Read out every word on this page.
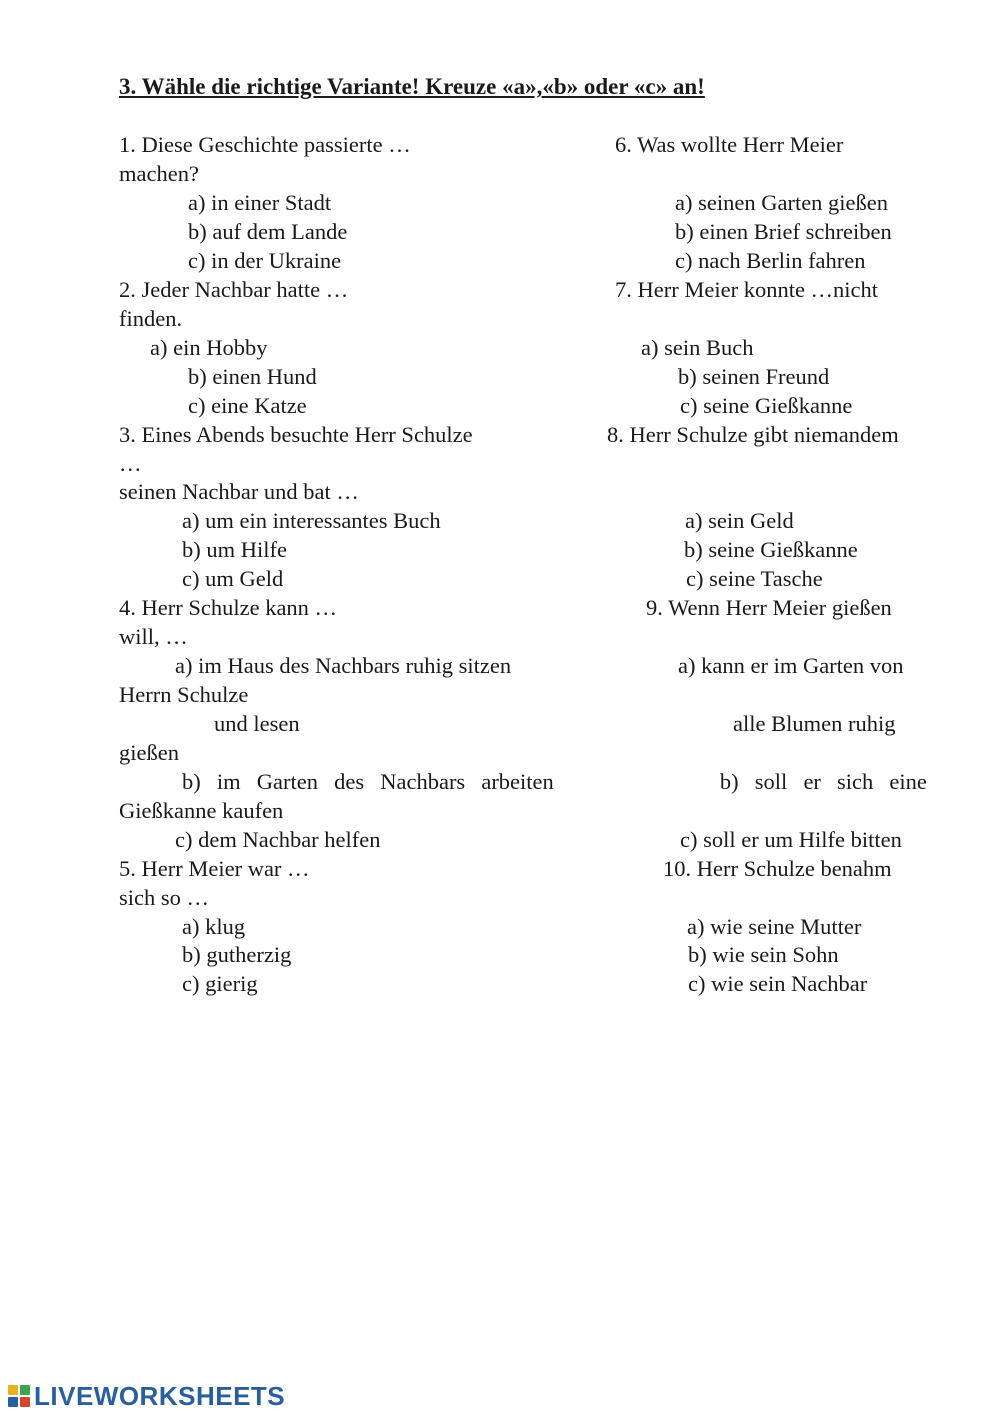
3. Wähle die richtige Variante! Kreuze «a»,«b» oder «c» an!
1. Diese Geschichte passierte …	6. Was wollte Herr Meier
machen?
a) in einer Stadt	a) seinen Garten gießen
b) auf dem Lande	b) einen Brief schreiben
c) in der Ukraine	c) nach Berlin fahren
2. Jeder Nachbar hatte …	7. Herr Meier konnte …nicht
finden.
a) ein Hobby	a) sein Buch
b) einen Hund	b) seinen Freund
c) eine Katze	c) seine Gießkanne
3. Eines Abends besuchte Herr Schulze	8. Herr Schulze gibt niemandem
…
seinen Nachbar und bat …
a) um ein interessantes Buch	a) sein Geld
b) um Hilfe	b) seine Gießkanne
c) um Geld	c) seine Tasche
4. Herr Schulze kann …	9. Wenn Herr Meier gießen
will, …
a) im Haus des Nachbars ruhig sitzen	a) kann er im Garten von
Herrn Schulze
und lesen	alle Blumen ruhig
gießen
b) im Garten des Nachbars arbeiten	b) soll er sich eine
Gießkanne kaufen
c) dem Nachbar helfen	c) soll er um Hilfe bitten
5. Herr Meier war …	10. Herr Schulze benahm
sich so …
a) klug	a) wie seine Mutter
b) gutherzig	b) wie sein Sohn
c) gierig	c) wie sein Nachbar
LIVEWORKSHEETS
